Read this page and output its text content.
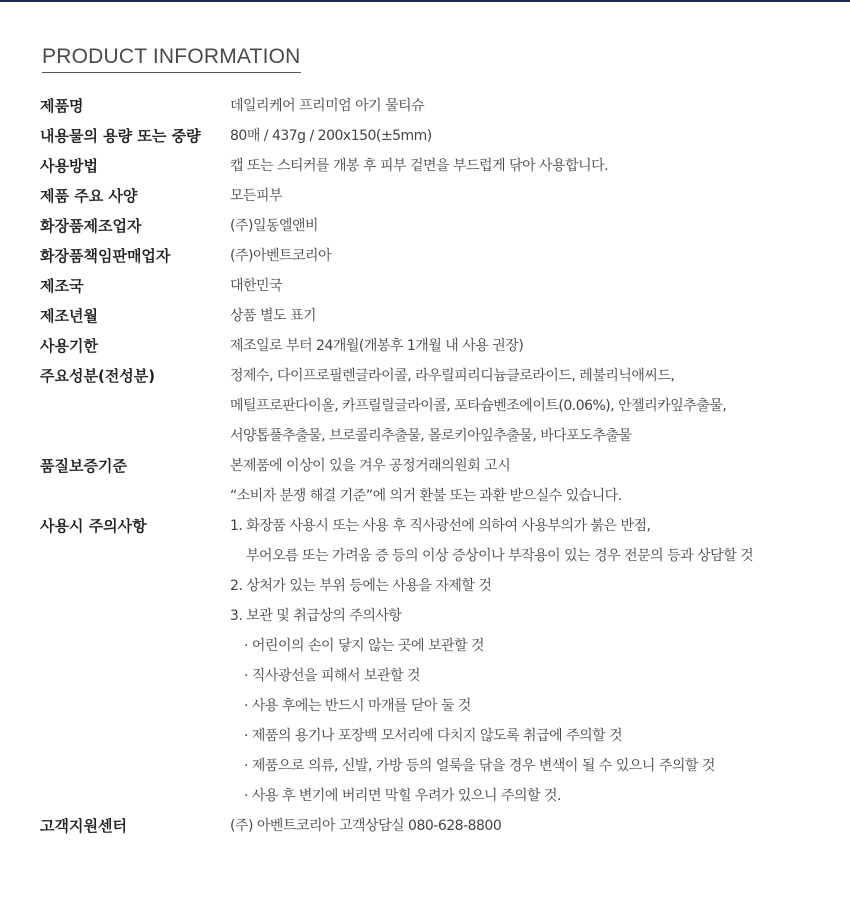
PRODUCT INFORMATION
제품명	데일리케어 프리미엄 아기 물티슈
내용물의 용량 또는 중량	80매 / 437g / 200x150(±5mm)
사용방법	캡 또는 스티커를 개봉 후 피부 겉면을 부드럽게 닦아 사용합니다.
제품 주요 사양	모든피부
화장품제조업자	(주)일동엘앤비
화장품책임판매업자	(주)아벤트코리아
제조국	대한민국
제조년월	상품 별도 표기
사용기한	제조일로 부터 24개월(개봉후 1개월 내 사용 권장)
주요성분(전성분)	정제수, 다이프로필렌글라이콜, 라우릴피리디늄클로라이드, 레불리닉애씨드,
메틸프로판다이올, 카프릴릴글라이콜, 포타슘벤조에이트(0.06%), 안젤리카잎추출물,
서양톱풀추출물, 브로콜리추출물, 몰로키아잎추출물, 바다포도추출물
품질보증기준	본제품에 이상이 있을 겨우 공정거래의원회 고시
“소비자 분쟁 해결 기준”에 의거 환불 또는 과환 받으실수 있습니다.
사용시 주의사항	1. 화장품 사용시 또는 사용 후 직사광선에 의하여 사용부의가 붉은 반점,
부어오름 또는 가려움 증 등의 이상 증상이나 부작용이 있는 경우 전문의 등과 상담할 것
2. 상처가 있는 부위 등에는 사용을 자제할 것
3. 보관 및 취급상의 주의사항
· 어린이의 손이 닿지 않는 곳에 보관할 것
· 직사광선을 피해서 보관할 것
· 사용 후에는 반드시 마개를 닫아 둘 것
· 제품의 용기나 포장백 모서리에 다치지 않도록 취급에 주의할 것
· 제품으로 의류, 신발, 가방 등의 얼룩을 닦을 경우 변색이 될 수 있으니 주의할 것
· 사용 후 변기에 버리면 막힐 우려가 있으니 주의할 것.
고객지원센터	(주) 아벤트코리아 고객상담실 080-628-8800
